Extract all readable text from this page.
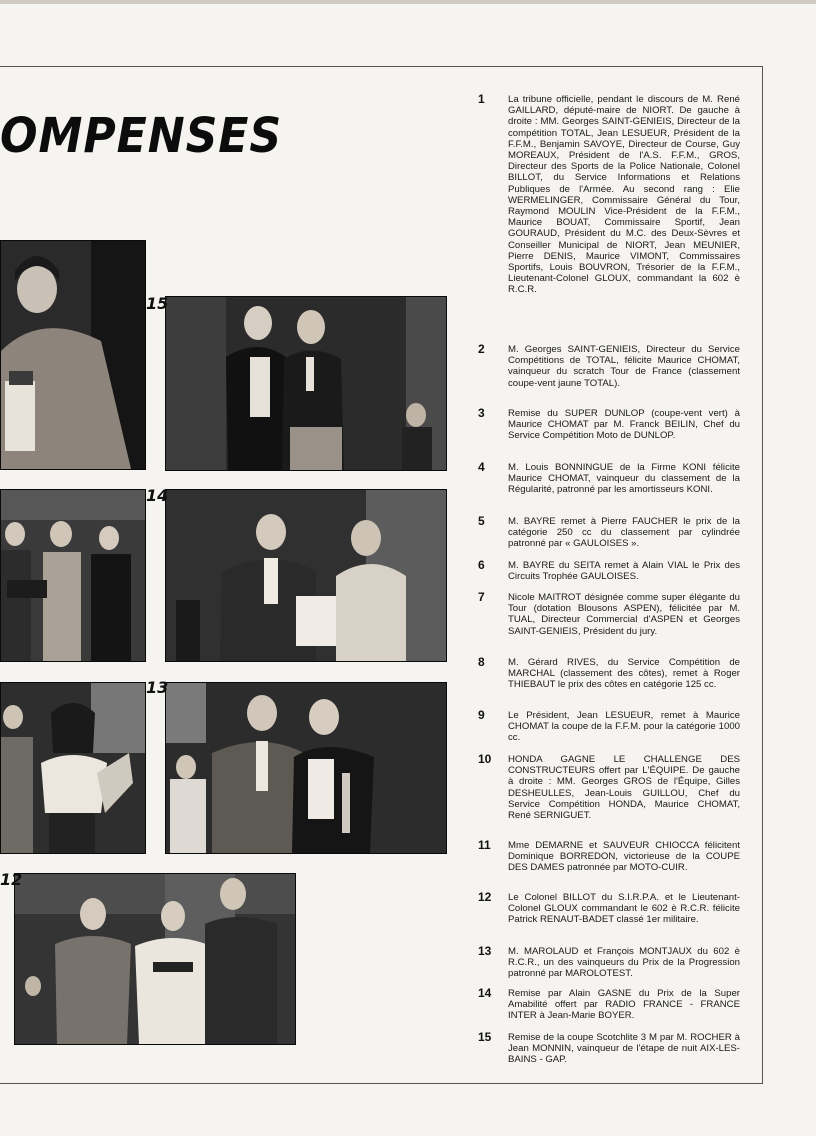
OMPENSES
15
14
13
12
1	La tribune officielle, pendant le discours de M. René GAILLARD, député-maire de NIORT. De gauche à droite : MM. Georges SAINT-GENIEIS, Directeur de la compétition TOTAL, Jean LESUEUR, Président de la F.F.M., Benjamin SAVOYE, Directeur de Course, Guy MOREAUX, Président de l'A.S. F.F.M., GROS, Directeur des Sports de la Police Nationale, Colonel BILLOT, du Service Informations et Relations Publiques de l'Armée. Au second rang : Elie WERMELINGER, Commissaire Général du Tour, Raymond MOULIN Vice-Président de la F.F.M., Maurice BOUAT, Commissaire Sportif, Jean GOURAUD, Président du M.C. des Deux-Sèvres et Conseiller Municipal de NIORT, Jean MEUNIER, Pierre DENIS, Maurice VIMONT, Commissaires Sportifs, Louis BOUVRON, Trésorier de la F.F.M., Lieutenant-Colonel GLOUX, commandant la 602 è R.C.R.

2	M. Georges SAINT-GENIEIS, Directeur du Service Compétitions de TOTAL, félicite Maurice CHOMAT, vainqueur du scratch Tour de France (classement coupe-vent jaune TOTAL).

3	Remise du SUPER DUNLOP (coupe-vent vert) à Maurice CHOMAT par M. Franck BEILIN, Chef du Service Compétition Moto de DUNLOP.

4	M. Louis BONNINGUE de la Firme KONI félicite Maurice CHOMAT, vainqueur du classement de la Régularité, patronné par les amortisseurs KONI.

5	M. BAYRE remet à Pierre FAUCHER le prix de la catégorie 250 cc du classement par cylindrée patronné par « GAULOISES ».

6	M. BAYRE du SEITA remet à Alain VIAL le Prix des Circuits Trophée GAULOISES.

7	Nicole MAITROT désignée comme super élégante du Tour (dotation Blousons ASPEN), félicitée par M. TUAL, Directeur Commercial d'ASPEN et Georges SAINT-GENIEIS, Président du jury.

8	M. Gérard RIVES, du Service Compétition de MARCHAL (classement des côtes), remet à Roger THIEBAUT le prix des côtes en catégorie 125 cc.

9	Le Président, Jean LESUEUR, remet à Maurice CHOMAT la coupe de la F.F.M. pour la catégorie 1000 cc.

10	HONDA GAGNE LE CHALLENGE DES CONSTRUCTEURS offert par L'ÉQUIPE. De gauche à droite : MM. Georges GROS de l'Équipe, Gilles DESHEULLES, Jean-Louis GUILLOU, Chef du Service Compétition HONDA, Maurice CHOMAT, René SERNIGUET.

11	Mme DEMARNE et SAUVEUR CHIOCCA félicitent Dominique BORREDON, victorieuse de la COUPE DES DAMES patronnée par MOTO-CUIR.

12	Le Colonel BILLOT du S.I.R.P.A. et le Lieutenant-Colonel GLOUX commandant le 602 è R.C.R. félicite Patrick RENAUT-BADET classé 1er militaire.

13	M. MAROLAUD et François MONTJAUX du 602 è R.C.R., un des vainqueurs du Prix de la Progression patronné par MAROLOTEST.

14	Remise par Alain GASNE du Prix de la Super Amabilité offert par RADIO FRANCE - FRANCE INTER à Jean-Marie BOYER.

15	Remise de la coupe Scotchlite 3 M par M. ROCHER à Jean MONNIN, vainqueur de l'étape de nuit AIX-LES-BAINS - GAP.
